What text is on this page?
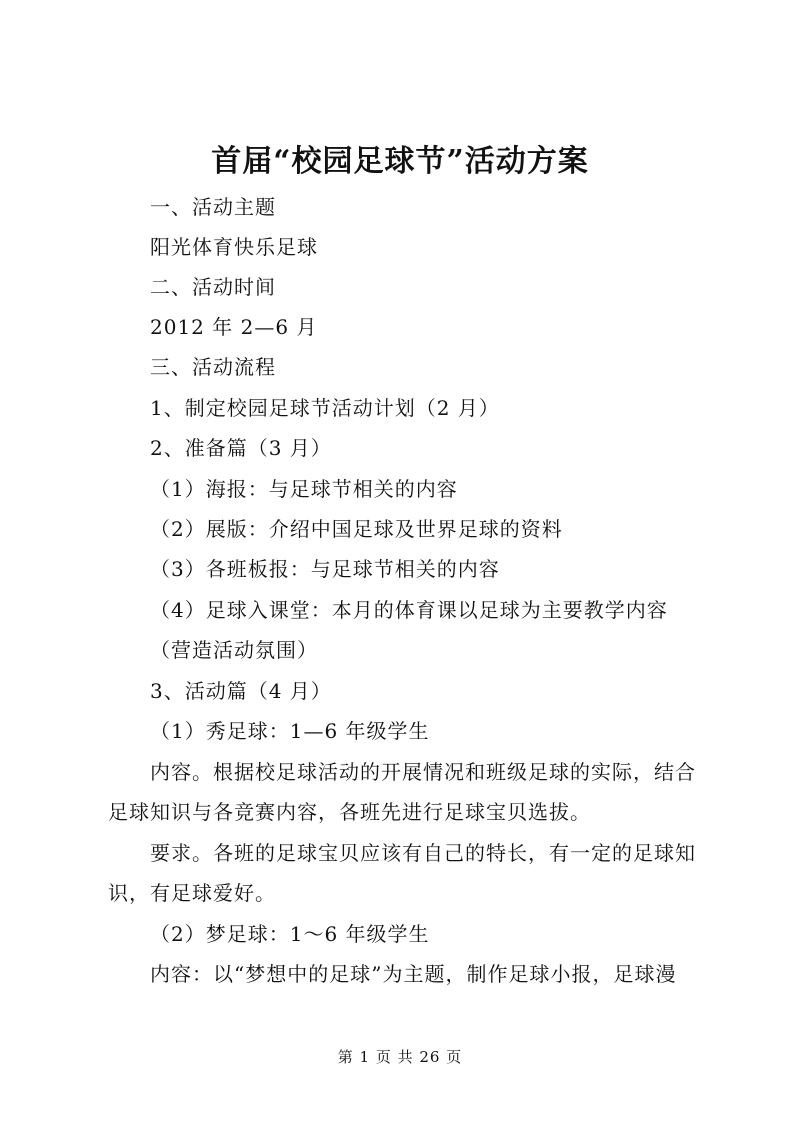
首届“校园足球节”活动方案
一、活动主题
阳光体育快乐足球
二、活动时间
2012 年 2—6 月
三、活动流程
1、制定校园足球节活动计划（2 月）
2、准备篇（3 月）
（1）海报：与足球节相关的内容
（2）展版：介绍中国足球及世界足球的资料
（3）各班板报：与足球节相关的内容
（4）足球入课堂：本月的体育课以足球为主要教学内容
（营造活动氛围）
3、活动篇（4 月）
（1）秀足球：1—6 年级学生
内容。根据校足球活动的开展情况和班级足球的实际，结合
足球知识与各竞赛内容，各班先进行足球宝贝选拔。
要求。各班的足球宝贝应该有自己的特长，有一定的足球知
识，有足球爱好。
（2）梦足球：1～6 年级学生
内容：以“梦想中的足球”为主题，制作足球小报，足球漫
第 1 页 共 26 页
